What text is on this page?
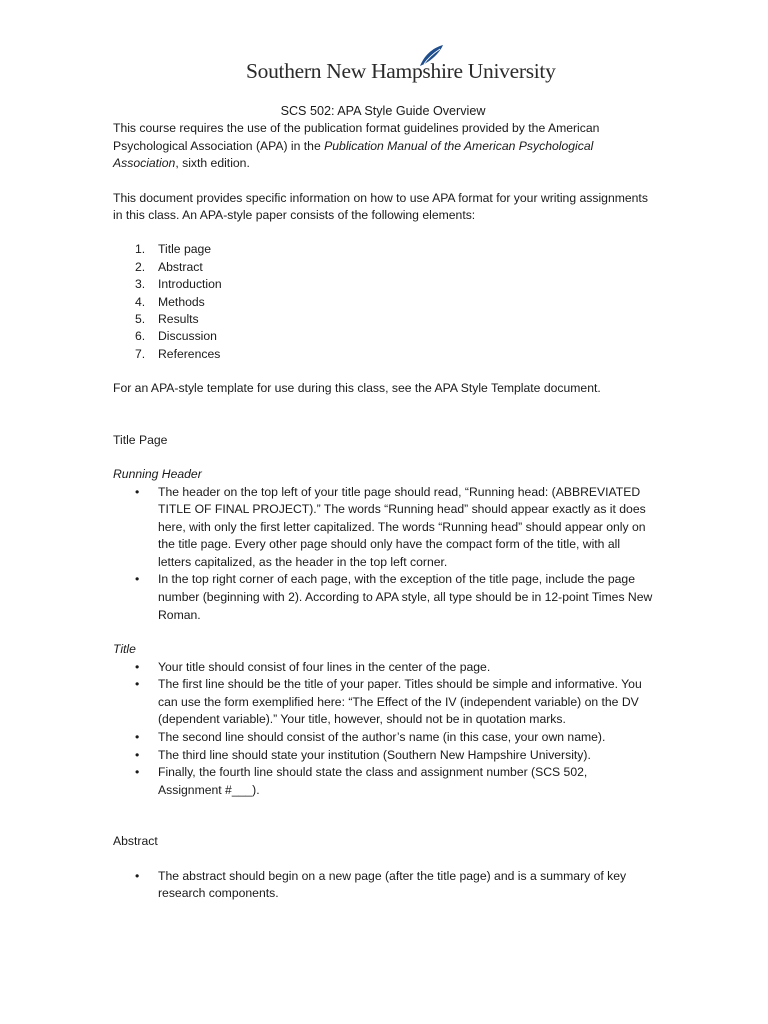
Southern New Hampshire University
SCS 502: APA Style Guide Overview

This course requires the use of the publication format guidelines provided by the American Psychological Association (APA) in the Publication Manual of the American Psychological Association, sixth edition.

This document provides specific information on how to use APA format for your writing assignments in this class. An APA-style paper consists of the following elements:

1. Title page
2. Abstract
3. Introduction
4. Methods
5. Results
6. Discussion
7. References

For an APA-style template for use during this class, see the APA Style Template document.

Title Page

Running Header

• The header on the top left of your title page should read, “Running head: (ABBREVIATED TITLE OF FINAL PROJECT).” The words “Running head” should appear exactly as it does here, with only the first letter capitalized. The words “Running head” should appear only on the title page. Every other page should only have the compact form of the title, with all letters capitalized, as the header in the top left corner.
• In the top right corner of each page, with the exception of the title page, include the page number (beginning with 2). According to APA style, all type should be in 12-point Times New Roman.

Title

• Your title should consist of four lines in the center of the page.
• The first line should be the title of your paper. Titles should be simple and informative. You can use the form exemplified here: “The Effect of the IV (independent variable) on the DV (dependent variable).” Your title, however, should not be in quotation marks.
• The second line should consist of the author’s name (in this case, your own name).
• The third line should state your institution (Southern New Hampshire University).
• Finally, the fourth line should state the class and assignment number (SCS 502, Assignment #___).

Abstract

• The abstract should begin on a new page (after the title page) and is a summary of key research components.
